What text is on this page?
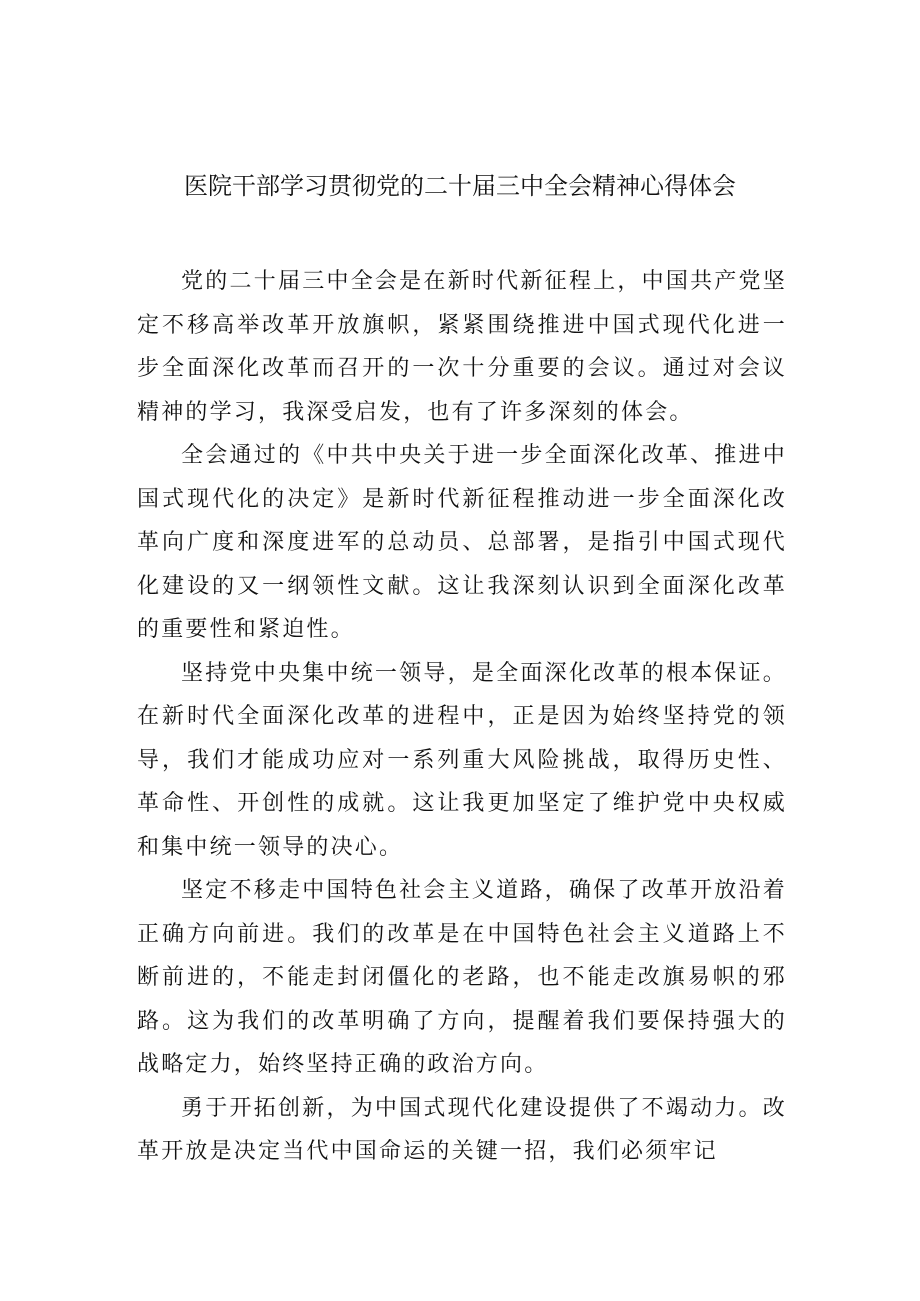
医院干部学习贯彻党的二十届三中全会精神心得体会

党的二十届三中全会是在新时代新征程上，中国共产党坚定不移高举改革开放旗帜，紧紧围绕推进中国式现代化进一步全面深化改革而召开的一次十分重要的会议。通过对会议精神的学习，我深受启发，也有了许多深刻的体会。

全会通过的《中共中央关于进一步全面深化改革、推进中国式现代化的决定》是新时代新征程推动进一步全面深化改革向广度和深度进军的总动员、总部署，是指引中国式现代化建设的又一纲领性文献。这让我深刻认识到全面深化改革的重要性和紧迫性。

坚持党中央集中统一领导，是全面深化改革的根本保证。在新时代全面深化改革的进程中，正是因为始终坚持党的领导，我们才能成功应对一系列重大风险挑战，取得历史性、革命性、开创性的成就。这让我更加坚定了维护党中央权威和集中统一领导的决心。

坚定不移走中国特色社会主义道路，确保了改革开放沿着正确方向前进。我们的改革是在中国特色社会主义道路上不断前进的，不能走封闭僵化的老路，也不能走改旗易帜的邪路。这为我们的改革明确了方向，提醒着我们要保持强大的战略定力，始终坚持正确的政治方向。

勇于开拓创新，为中国式现代化建设提供了不竭动力。改革开放是决定当代中国命运的关键一招，我们必须牢记
